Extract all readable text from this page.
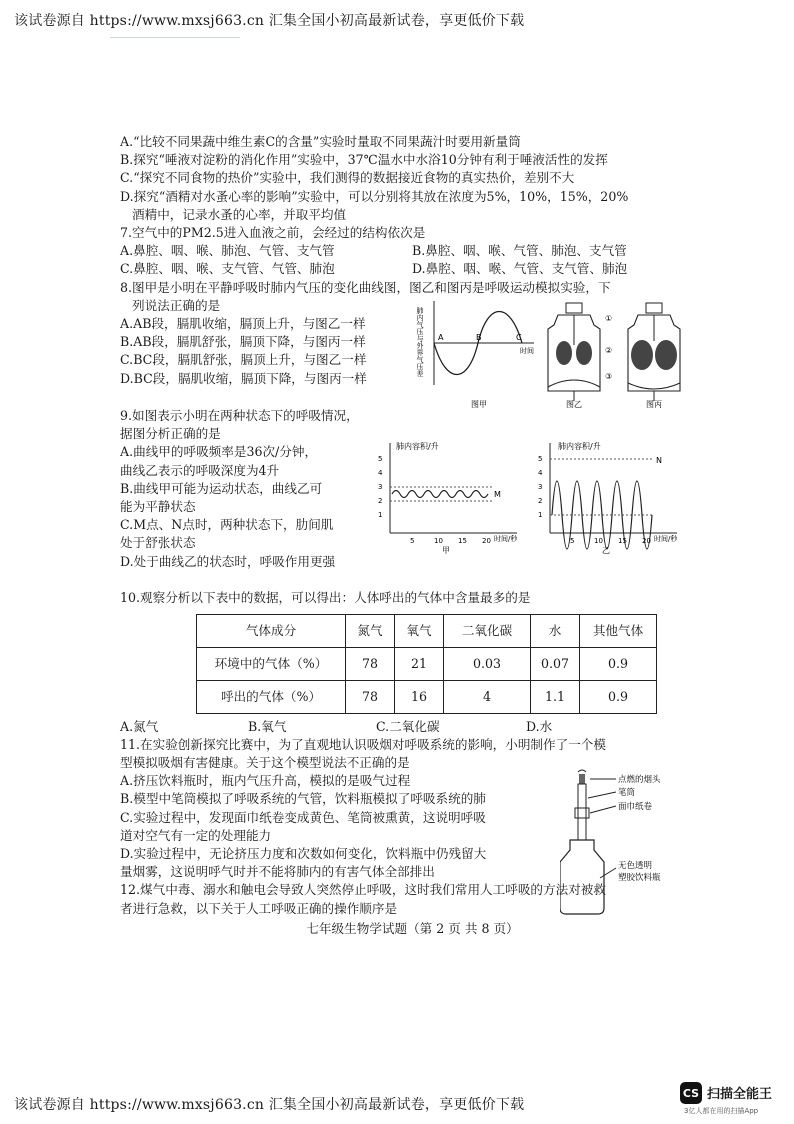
该试卷源自 https://www.mxsj663.cn 汇集全国小初高最新试卷，享更低价下载
A.“比较不同果蔬中维生素C的含量”实验时量取不同果蔬汁时要用新量筒
B.探究“唾液对淀粉的消化作用”实验中，37℃温水中水浴10分钟有利于唾液活性的发挥
C.“探究不同食物的热价”实验中，我们测得的数据接近食物的真实热价，差别不大
D.探究“酒精对水蚤心率的影响”实验中，可以分别将其放在浓度为5%，10%，15%，20%
酒精中，记录水蚤的心率，并取平均值
7.空气中的PM2.5进入血液之前，会经过的结构依次是
A.鼻腔、咽、喉、肺泡、气管、支气管	B.鼻腔、咽、喉、气管、肺泡、支气管
C.鼻腔、咽、喉、支气管、气管、肺泡	D.鼻腔、咽、喉、气管、支气管、肺泡
8.图甲是小明在平静呼吸时肺内气压的变化曲线图，图乙和图丙是呼吸运动模拟实验，下
列说法正确的是
A.AB段，膈肌收缩，膈顶上升，与图乙一样
B.AB段，膈肌舒张，膈顶下降，与图丙一样
C.BC段，膈肌舒张，膈顶上升，与图乙一样
D.BC段，膈肌收缩，膈顶下降，与图丙一样
肺内气压与外界气压差 A	B	C
时间
图甲
①
②
③
图乙	图丙
9.如图表示小明在两种状态下的呼吸情况，
据图分析正确的是
A.曲线甲的呼吸频率是36次/分钟，
曲线乙表示的呼吸深度为4升
B.曲线甲可能为运动状态，曲线乙可
能为平静状态
C.M点、N点时，两种状态下，肋间肌
处于舒张状态
D.处于曲线乙的状态时，呼吸作用更强
肺内容积/升
5
4
3
2
1
M
5	10 15 20 时间/秒
甲
肺内容积/升
5
4
3
2
1
N
5	10 15 20 时间/秒
乙
10.观察分析以下表中的数据，可以得出：人体呼出的气体中含量最多的是
气体成分	氮气	氧气	二氧化碳	水	其他气体
环境中的气体（%）	78	21	0.03	0.07	0.9
呼出的气体（%）	78	16	4	1.1	0.9
A.氮气	B.氧气	C.二氧化碳	D.水
11.在实验创新探究比赛中，为了直观地认识吸烟对呼吸系统的影响，小明制作了一个模
型模拟吸烟有害健康。关于这个模型说法不正确的是
A.挤压饮料瓶时，瓶内气压升高，模拟的是吸气过程
B.模型中笔筒模拟了呼吸系统的气管，饮料瓶模拟了呼吸系统的肺
C.实验过程中，发现面巾纸卷变成黄色、笔筒被熏黄，这说明呼吸
道对空气有一定的处理能力
D.实验过程中，无论挤压力度和次数如何变化，饮料瓶中仍残留大
量烟雾，这说明呼气时并不能将肺内的有害气体全部排出
点燃的烟头
笔筒
面巾纸卷
无色透明
塑胶饮料瓶
12.煤气中毒、溺水和触电会导致人突然停止呼吸，这时我们常用人工呼吸的方法对被救
者进行急救，以下关于人工呼吸正确的操作顺序是
七年级生物学试题（第 2 页 共 8 页）
该试卷源自 https://www.mxsj663.cn 汇集全国小初高最新试卷，享更低价下载
CS 扫描全能王
3亿人都在用的扫描App
